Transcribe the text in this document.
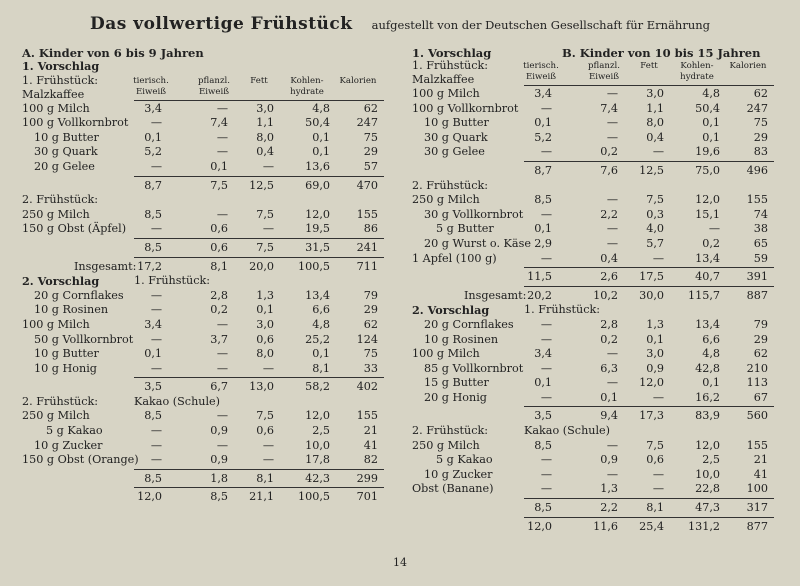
Das vollwertige Frühstück aufgestellt von der Deutschen Gesellschaft für Ernährung
A. Kinder von 6 bis 9 Jahren
1. Vorschlag
1. Frühstück:
Malzkaffee
tierisch.
Eiweiß
pflanzl.
Eiweiß
Fett	Kohlen-
hydrate
Kalorien
100 g Milch	3,4	—	3,0	4,8	62
100 g Vollkornbrot	—	7,4	1,1	50,4	247
10 g Butter	0,1	—	8,0	0,1	75
30 g Quark	5,2	—	0,4	0,1	29
20 g Gelee	—	0,1	—	13,6	57
8,7	7,5	12,5	69,0	470
2. Frühstück:
250 g Milch	8,5	—	7,5	12,0	155
150 g Obst (Äpfel)	—	0,6	—	19,5	86
8,5	0,6	7,5	31,5	241
Insgesamt: 17,2	8,1	20,0	100,5	711
2. Vorschlag	1. Frühstück:
20 g Cornflakes	—	2,8	1,3	13,4	79
10 g Rosinen	—	0,2	0,1	6,6	29
100 g Milch	3,4	—	3,0	4,8	62
50 g Vollkornbrot	—	3,7	0,6	25,2	124
10 g Butter	0,1	—	8,0	0,1	75
10 g Honig	—	—	—	8,1	33
3,5	6,7	13,0	58,2	402
2. Frühstück:	Kakao (Schule)
250 g Milch	8,5	—	7,5	12,0	155
5 g Kakao	—	0,9	0,6	2,5	21
10 g Zucker	—	—	—	10,0	41
150 g Obst (Orange)	—	0,9	—	17,8	82
8,5	1,8	8,1	42,3	299
12,0	8,5	21,1	100,5	701
1. Vorschlag	B. Kinder von 10 bis 15 Jahren
1. Frühstück:
Malzkaffee
tierisch.
Eiweiß
pflanzl.
Eiweiß
Fett	Kohlen-
hydrate
Kalorien
100 g Milch	3,4	—	3,0	4,8	62
100 g Vollkornbrot	—	7,4	1,1	50,4	247
10 g Butter	0,1	—	8,0	0,1	75
30 g Quark	5,2	—	0,4	0,1	29
30 g Gelee	—	0,2	—	19,6	83
8,7	7,6	12,5	75,0	496
2. Frühstück:
250 g Milch	8,5	—	7,5	12,0	155
30 g Vollkornbrot	—	2,2	0,3	15,1	74
5 g Butter	0,1	—	4,0	—	38
20 g Wurst o. Käse 2,9	—	5,7	0,2	65
1 Apfel (100 g)	—	0,4	—	13,4	59
11,5	2,6	17,5	40,7	391
Insgesamt: 20,2	10,2	30,0	115,7	887
2. Vorschlag	1. Frühstück:
20 g Cornflakes	—	2,8	1,3	13,4	79
10 g Rosinen	—	0,2	0,1	6,6	29
100 g Milch	3,4	—	3,0	4,8	62
85 g Vollkornbrot	—	6,3	0,9	42,8	210
15 g Butter	0,1	—	12,0	0,1	113
20 g Honig	—	0,1	—	16,2	67
3,5	9,4	17,3	83,9	560
2. Frühstück:	Kakao (Schule)
250 g Milch	8,5	—	7,5	12,0	155
5 g Kakao	—	0,9	0,6	2,5	21
10 g Zucker	—	—	—	10,0	41
Obst (Banane)	—	1,3	—	22,8	100
8,5	2,2	8,1	47,3	317
12,0	11,6	25,4	131,2	877
14
